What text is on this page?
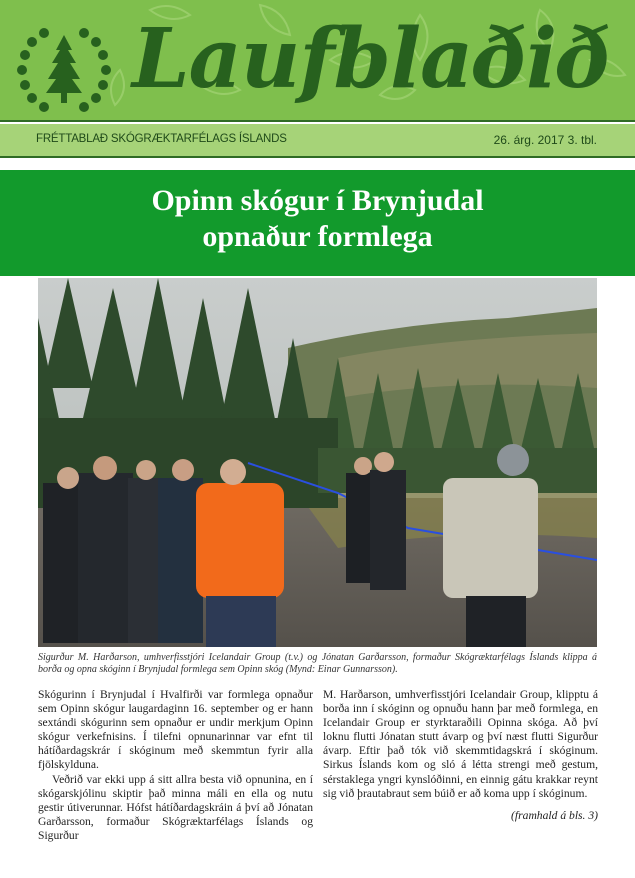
Laufblaðið
FRÉTTABLAÐ SKÓGRÆKTARFÉLAGS ÍSLANDS	26. árg. 2017 3. tbl.
Opinn skógur í Brynjudal
opnaður formlega
Sigurður M. Harðarson, umhverfisstjóri Icelandair Group (t.v.) og Jónatan Garðarsson, formaður Skógræktarfélags Íslands klippa á borða og opna skóginn í Brynjudal formlega sem Opinn skóg (Mynd: Einar Gunnarsson).

Skógurinn í Brynjudal í Hvalfirði var formlega opnaður sem Opinn skógur laugardaginn 16. september og er hann sextándi skógurinn sem opnaður er undir merkjum Opinn skógur verkefnisins. Í tilefni opnunarinnar var efnt til hátíðardagskrár í skóginum með skemmtun fyrir alla fjölskylduna.

Veðrið var ekki upp á sitt allra besta við opnunina, en í skógarskjólinu skiptir það minna máli en ella og nutu gestir útiverunnar. Hófst hátíðardagskráin á því að Jónatan Garðarsson, formaður Skógræktarfélags Íslands og Sigurður

M. Harðarson, umhverfisstjóri Icelandair Group, klipptu á borða inn í skóginn og opnuðu hann þar með formlega, en Icelandair Group er styrktaraðili Opinna skóga. Að því loknu flutti Jónatan stutt ávarp og því næst flutti Sigurður ávarp. Eftir það tók við skemmtidagskrá í skóginum. Sirkus Íslands kom og sló á létta strengi með gestum, sérstaklega yngri kynslóðinni, en einnig gátu krakkar reynt sig við þrautabraut sem búið er að koma upp í skóginum.

(framhald á bls. 3)
